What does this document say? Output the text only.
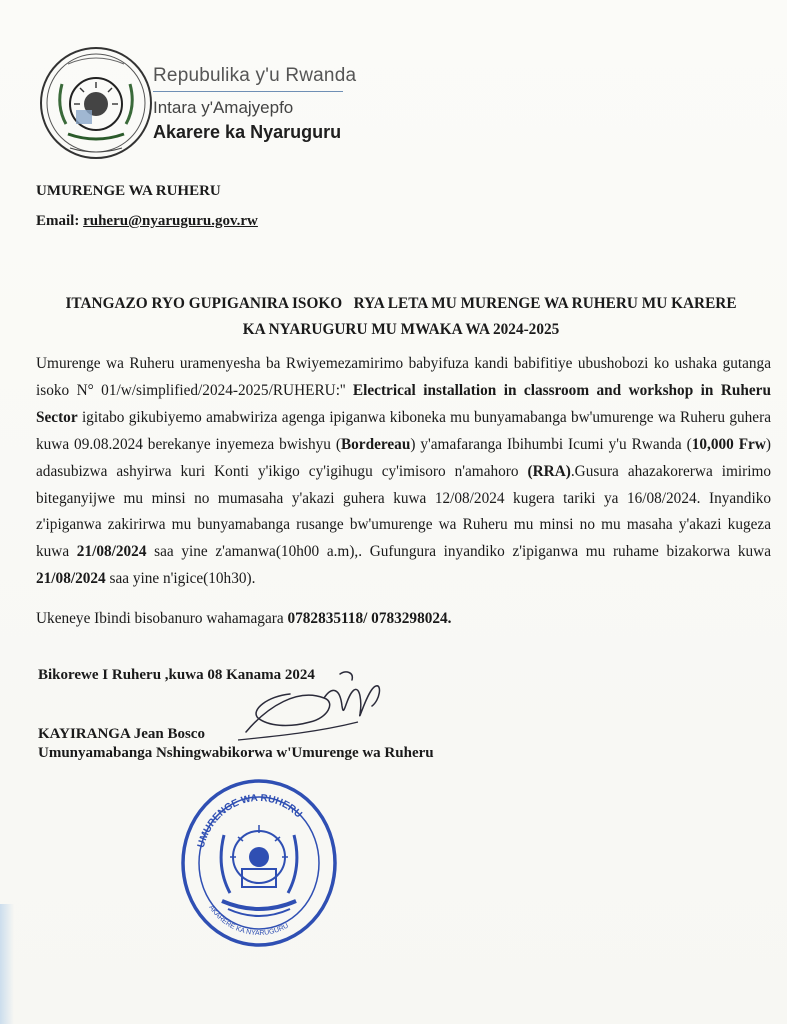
Repubulika y'u Rwanda
Intara y'Amajyepfo
Akarere ka Nyaruguru
UMURENGE WA RUHERU
Email: ruheru@nyaruguru.gov.rw
ITANGAZO RYO GUPIGANIRA ISOKO   RYA LETA MU MURENGE WA RUHERU MU KARERE
KA NYARUGURU MU MWAKA WA 2024-2025
Umurenge wa Ruheru uramenyesha ba Rwiyemezamirimo babyifuza kandi babifitiye ubushobozi ko ushaka gutanga isoko N° 01/w/simplified/2024-2025/RUHERU:'' Electrical installation in classroom and workshop in Ruheru Sector igitabo gikubiyemo amabwiriza agenga ipiganwa kiboneka mu bunyamabanga bw'umurenge wa Ruheru guhera kuwa 09.08.2024 berekanye inyemeza bwishyu (Bordereau) y'amafaranga Ibihumbi Icumi y'u Rwanda (10,000 Frw) adasubizwa ashyirwa kuri Konti y'ikigo cy'igihugu cy'imisoro n'amahoro (RRA).Gusura ahazakorerwa imirimo biteganyijwe mu minsi no mumasaha y'akazi guhera kuwa 12/08/2024 kugera tariki ya 16/08/2024. Inyandiko z'ipiganwa zakirirwa mu bunyamabanga rusange bw'umurenge wa Ruheru mu minsi no mu masaha y'akazi kugeza kuwa 21/08/2024 saa yine z'amanwa(10h00 a.m),. Gufungura inyandiko z'ipiganwa mu ruhame bizakorwa kuwa 21/08/2024 saa yine n'igice(10h30).
Ukeneye Ibindi bisobanuro wahamagara 0782835118/ 0783298024.
Bikorewe I Ruheru ,kuwa 08 Kanama 2024
KAYIRANGA Jean Bosco
Umunyamabanga Nshingwabikorwa w'Umurenge wa Ruheru
UMURENGE WA RUHERU
AKARERE KA NYARUGURU
